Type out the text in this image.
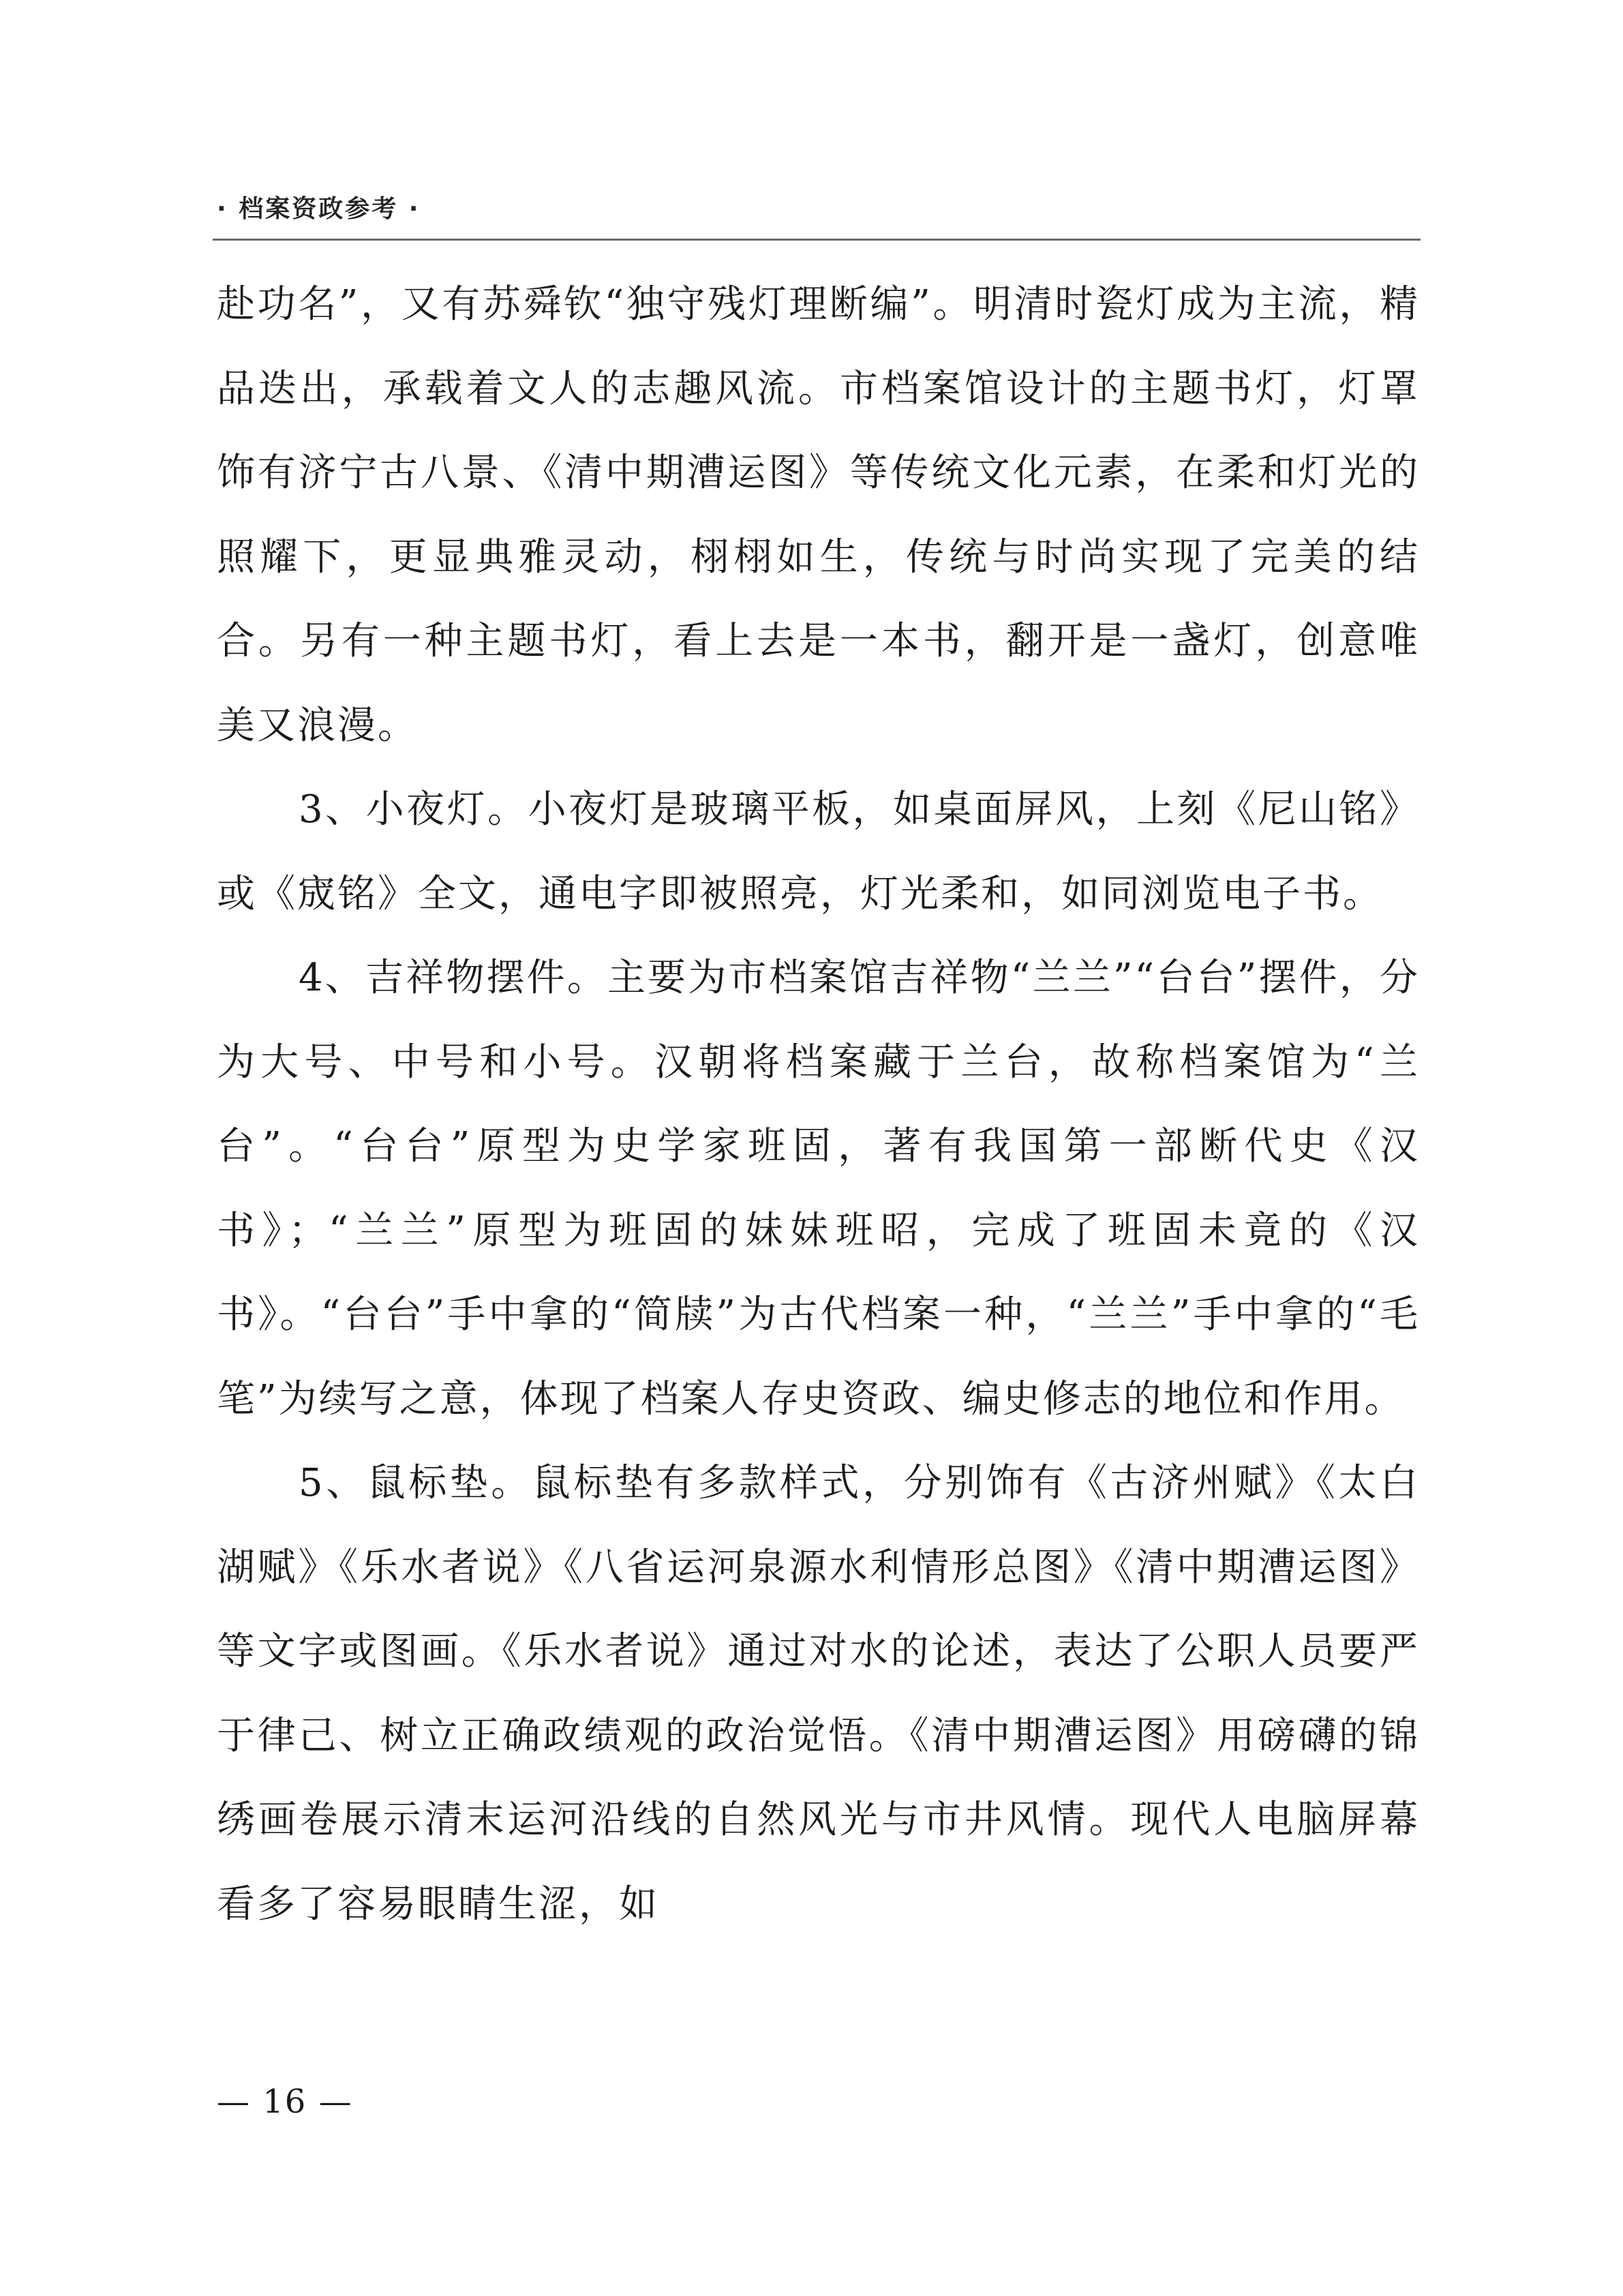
· 档案资政参考 ·

赴功名”，又有苏舜钦“独守残灯理断编”。明清时瓷灯成为主流，精品迭出，承载着文人的志趣风流。市档案馆设计的主题书灯，灯罩饰有济宁古八景、《清中期漕运图》等传统文化元素，在柔和灯光的照耀下，更显典雅灵动，栩栩如生，传统与时尚实现了完美的结合。另有一种主题书灯，看上去是一本书，翻开是一盏灯，创意唯美又浪漫。

3、小夜灯。小夜灯是玻璃平板，如桌面屏风，上刻《尼山铭》或《宬铭》全文，通电字即被照亮，灯光柔和，如同浏览电子书。

4、吉祥物摆件。主要为市档案馆吉祥物“兰兰”“台台”摆件，分为大号、中号和小号。汉朝将档案藏于兰台，故称档案馆为“兰台”。“台台”原型为史学家班固，著有我国第一部断代史《汉书》；“兰兰”原型为班固的妹妹班昭，完成了班固未竟的《汉书》。“台台”手中拿的“简牍”为古代档案一种，“兰兰”手中拿的“毛笔”为续写之意，体现了档案人存史资政、编史修志的地位和作用。

5、鼠标垫。鼠标垫有多款样式，分别饰有《古济州赋》《太白湖赋》《乐水者说》《八省运河泉源水利情形总图》《清中期漕运图》等文字或图画。《乐水者说》通过对水的论述，表达了公职人员要严于律己、树立正确政绩观的政治觉悟。《清中期漕运图》用磅礴的锦绣画卷展示清末运河沿线的自然风光与市井风情。现代人电脑屏幕看多了容易眼睛生涩，如

— 16 —
